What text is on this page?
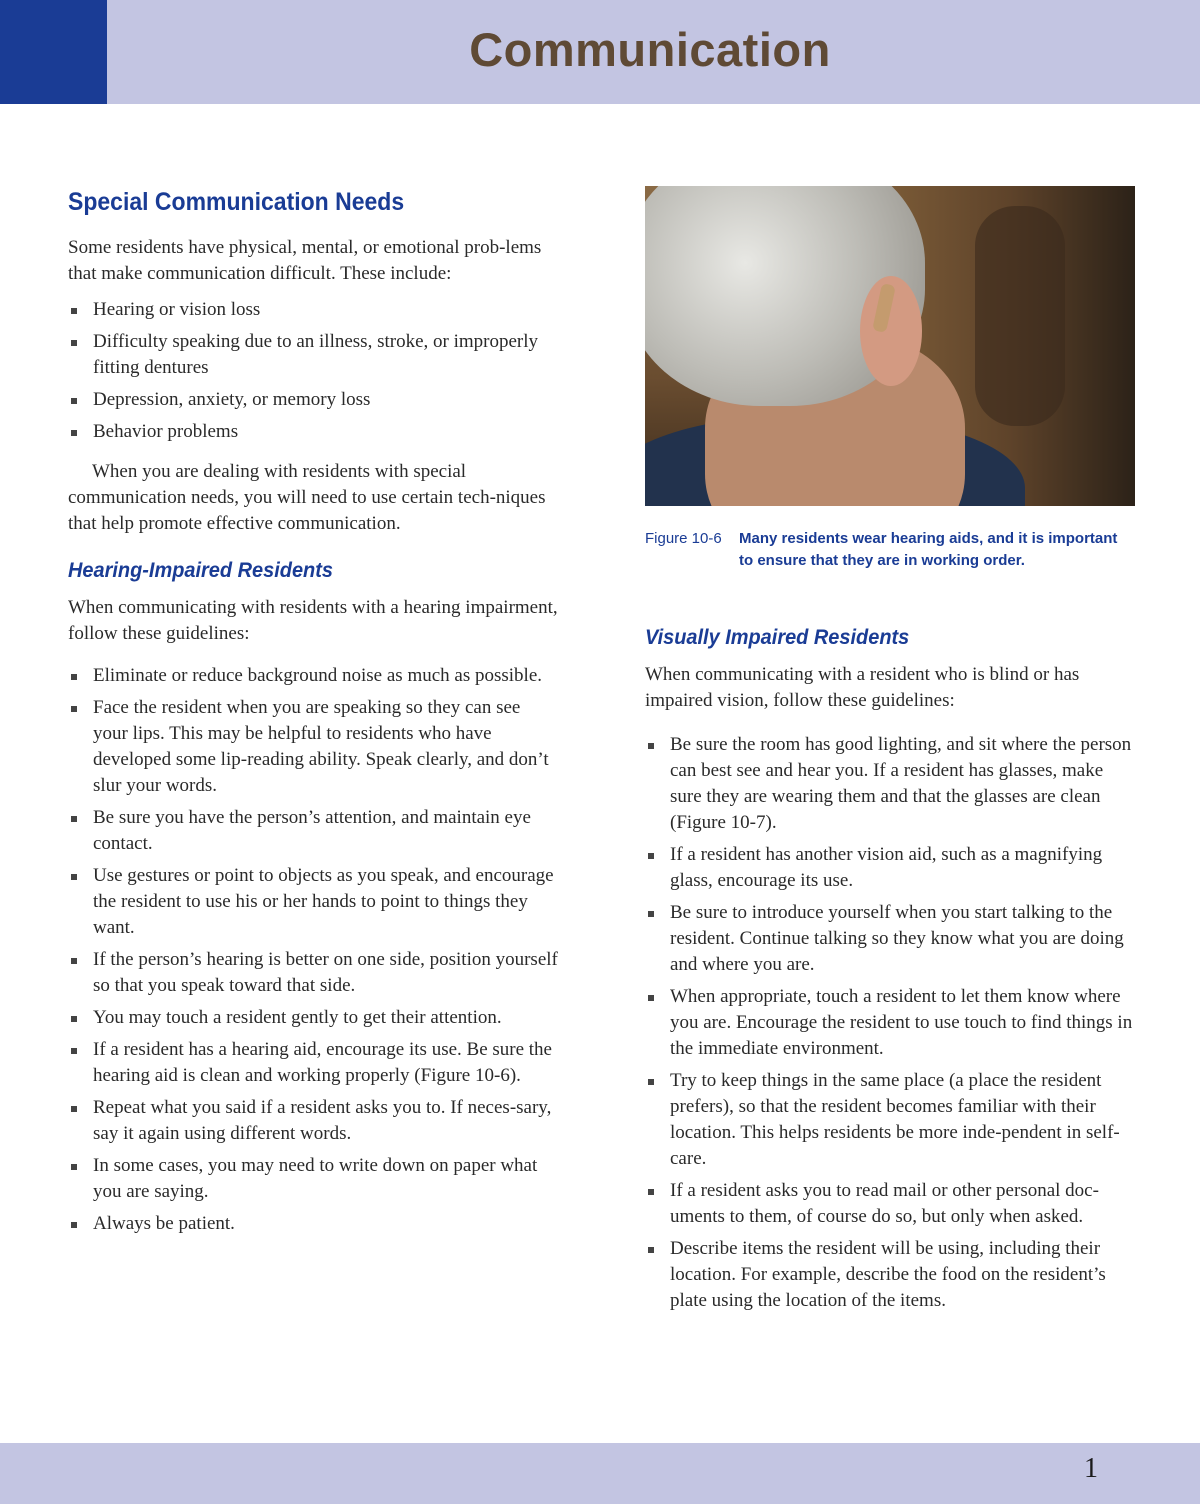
Communication
Special Communication Needs

Some residents have physical, mental, or emotional prob-lems that make communication difficult. These include:

Hearing or vision loss
Difficulty speaking due to an illness, stroke, or improperly fitting dentures
Depression, anxiety, or memory loss
Behavior problems

When you are dealing with residents with special communication needs, you will need to use certain tech-niques that help promote effective communication.

Hearing-Impaired Residents

When communicating with residents with a hearing impairment, follow these guidelines:

Eliminate or reduce background noise as much as possible.
Face the resident when you are speaking so they can see your lips. This may be helpful to residents who have developed some lip-reading ability. Speak clearly, and don’t slur your words.
Be sure you have the person’s attention, and maintain eye contact.
Use gestures or point to objects as you speak, and encourage the resident to use his or her hands to point to things they want.
If the person’s hearing is better on one side, position yourself so that you speak toward that side.
You may touch a resident gently to get their attention.
If a resident has a hearing aid, encourage its use. Be sure the hearing aid is clean and working properly (Figure 10-6).
Repeat what you said if a resident asks you to. If neces-sary, say it again using different words.
In some cases, you may need to write down on paper what you are saying.
Always be patient.
Figure 10-6 Many residents wear hearing aids, and it is important to ensure that they are in working order.
Visually Impaired Residents

When communicating with a resident who is blind or has impaired vision, follow these guidelines:

Be sure the room has good lighting, and sit where the person can best see and hear you. If a resident has glasses, make sure they are wearing them and that the glasses are clean (Figure 10-7).
If a resident has another vision aid, such as a magnifying glass, encourage its use.
Be sure to introduce yourself when you start talking to the resident. Continue talking so they know what you are doing and where you are.
When appropriate, touch a resident to let them know where you are. Encourage the resident to use touch to find things in the immediate environment.
Try to keep things in the same place (a place the resident prefers), so that the resident becomes familiar with their location. This helps residents be more inde-pendent in self-care.
If a resident asks you to read mail or other personal doc-uments to them, of course do so, but only when asked.
Describe items the resident will be using, including their location. For example, describe the food on the resident’s plate using the location of the items.
1
